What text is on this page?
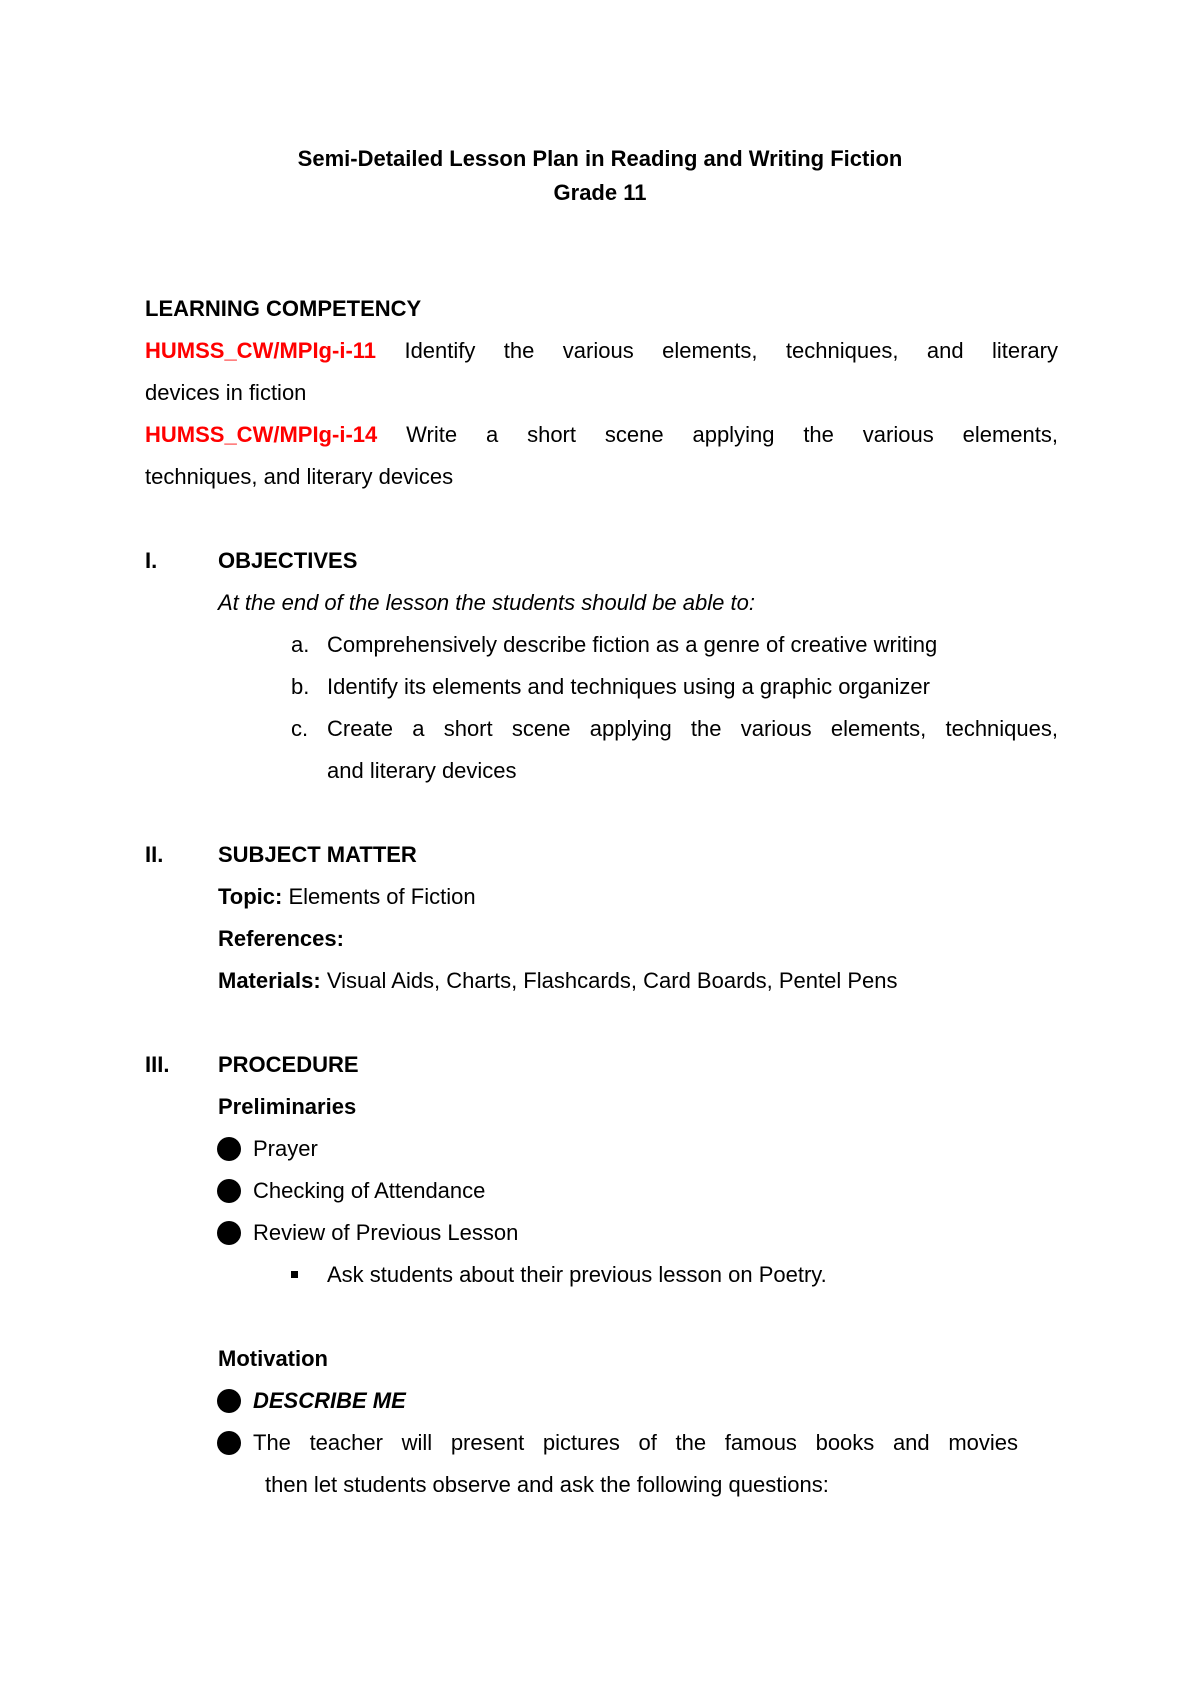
Semi-Detailed Lesson Plan in Reading and Writing Fiction
Grade 11
LEARNING COMPETENCY
HUMSS_CW/MPIg-i-11 Identify the various elements, techniques, and literary
devices in fiction
HUMSS_CW/MPIg-i-14 Write a short scene applying the various elements,
techniques, and literary devices
I.	OBJECTIVES
At the end of the lesson the students should be able to:
a. Comprehensively describe fiction as a genre of creative writing
b. Identify its elements and techniques using a graphic organizer
c. Create a short scene applying the various elements, techniques,
and literary devices
II. SUBJECT MATTER
Topic: Elements of Fiction
References:
Materials: Visual Aids, Charts, Flashcards, Card Boards, Pentel Pens
III. PROCEDURE
Preliminaries
Prayer
Checking of Attendance
Review of Previous Lesson
Ask students about their previous lesson on Poetry.
Motivation
DESCRIBE ME
The teacher will present pictures of the famous books and movies
then let students observe and ask the following questions:
